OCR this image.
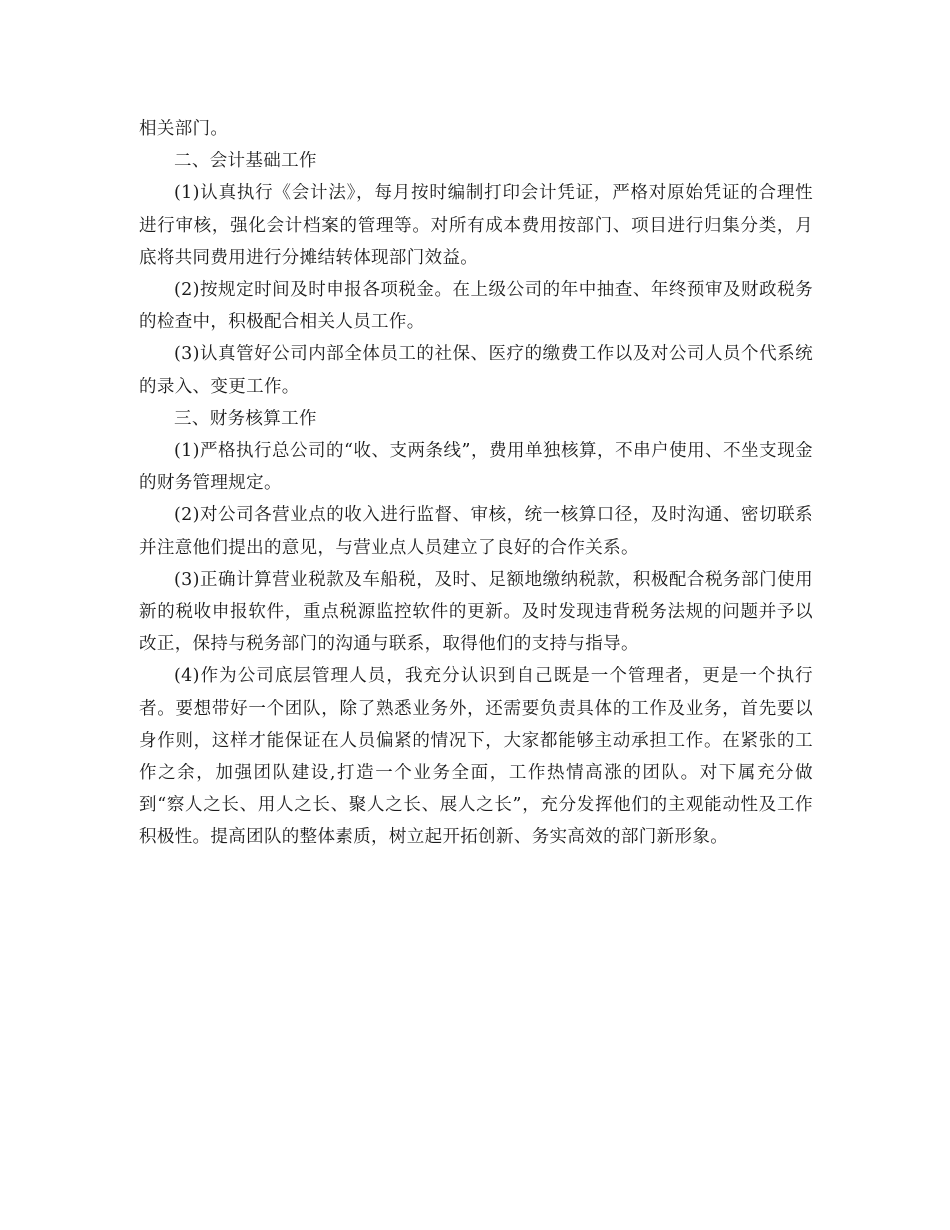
相关部门。

二、会计基础工作

(1)认真执行《会计法》，每月按时编制打印会计凭证，严格对原始凭证的合理性进行审核，强化会计档案的管理等。对所有成本费用按部门、项目进行归集分类，月底将共同费用进行分摊结转体现部门效益。

(2)按规定时间及时申报各项税金。在上级公司的年中抽查、年终预审及财政税务的检查中，积极配合相关人员工作。

(3)认真管好公司内部全体员工的社保、医疗的缴费工作以及对公司人员个代系统的录入、变更工作。

三、财务核算工作

(1)严格执行总公司的“收、支两条线”，费用单独核算，不串户使用、不坐支现金的财务管理规定。

(2)对公司各营业点的收入进行监督、审核，统一核算口径，及时沟通、密切联系并注意他们提出的意见，与营业点人员建立了良好的合作关系。

(3)正确计算营业税款及车船税，及时、足额地缴纳税款，积极配合税务部门使用新的税收申报软件，重点税源监控软件的更新。及时发现违背税务法规的问题并予以改正，保持与税务部门的沟通与联系，取得他们的支持与指导。

(4)作为公司底层管理人员，我充分认识到自己既是一个管理者，更是一个执行者。要想带好一个团队，除了熟悉业务外，还需要负责具体的工作及业务，首先要以身作则，这样才能保证在人员偏紧的情况下，大家都能够主动承担工作。在紧张的工作之余，加强团队建设,打造一个业务全面，工作热情高涨的团队。对下属充分做到“察人之长、用人之长、聚人之长、展人之长”，充分发挥他们的主观能动性及工作积极性。提高团队的整体素质，树立起开拓创新、务实高效的部门新形象。
